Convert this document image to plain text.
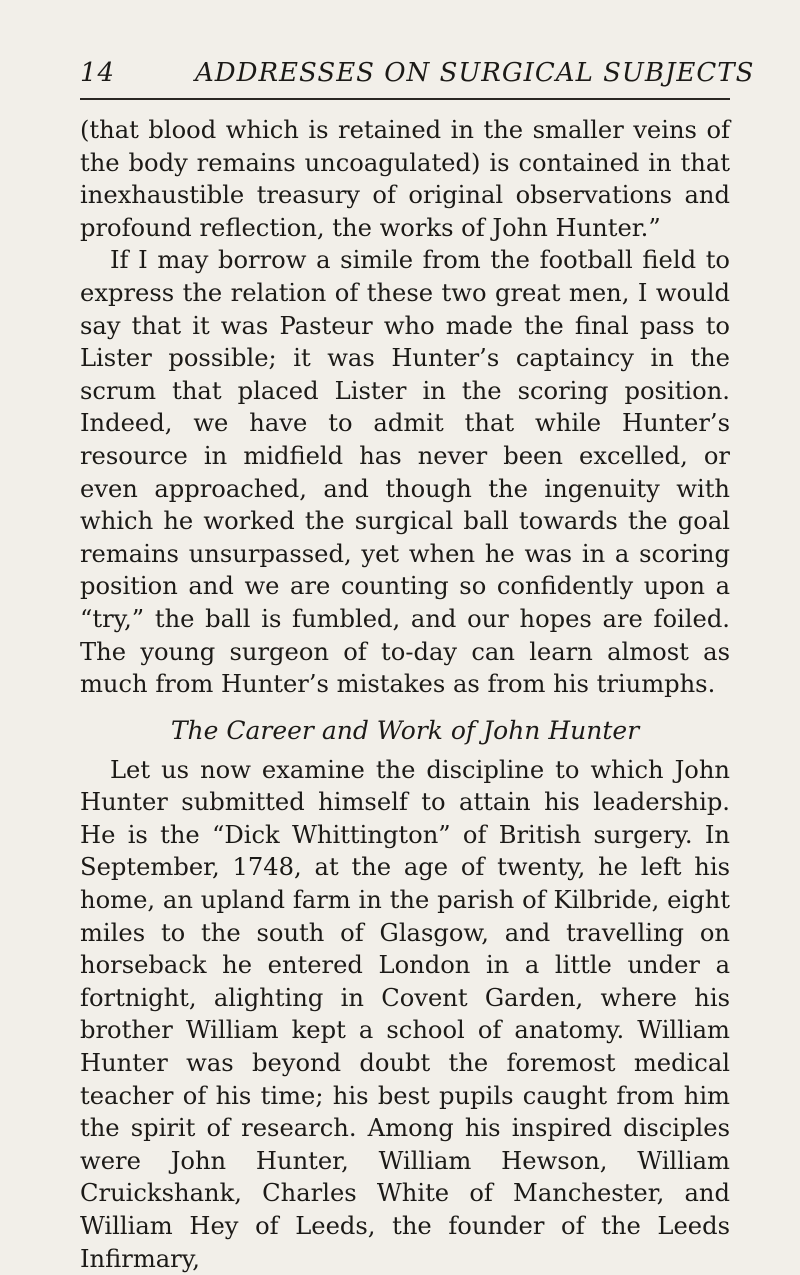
14	ADDRESSES ON SURGICAL SUBJECTS

(that blood which is retained in the smaller veins of the body remains uncoagulated) is contained in that inexhaustible treasury of original observations and profound reflection, the works of John Hunter.”

If I may borrow a simile from the football field to express the relation of these two great men, I would say that it was Pasteur who made the final pass to Lister possible; it was Hunter’s captaincy in the scrum that placed Lister in the scoring position. Indeed, we have to admit that while Hunter’s resource in midfield has never been excelled, or even approached, and though the ingenuity with which he worked the surgical ball towards the goal remains unsurpassed, yet when he was in a scoring position and we are counting so confidently upon a “try,” the ball is fumbled, and our hopes are foiled. The young surgeon of to-day can learn almost as much from Hunter’s mistakes as from his triumphs.

The Career and Work of John Hunter

Let us now examine the discipline to which John Hunter submitted himself to attain his leadership. He is the “Dick Whittington” of British surgery. In September, 1748, at the age of twenty, he left his home, an upland farm in the parish of Kilbride, eight miles to the south of Glasgow, and travelling on horseback he entered London in a little under a fortnight, alighting in Covent Garden, where his brother William kept a school of anatomy. William Hunter was beyond doubt the foremost medical teacher of his time; his best pupils caught from him the spirit of research. Among his inspired disciples were John Hunter, William Hewson, William Cruickshank, Charles White of Manchester, and William Hey of Leeds, the founder of the Leeds Infirmary,
